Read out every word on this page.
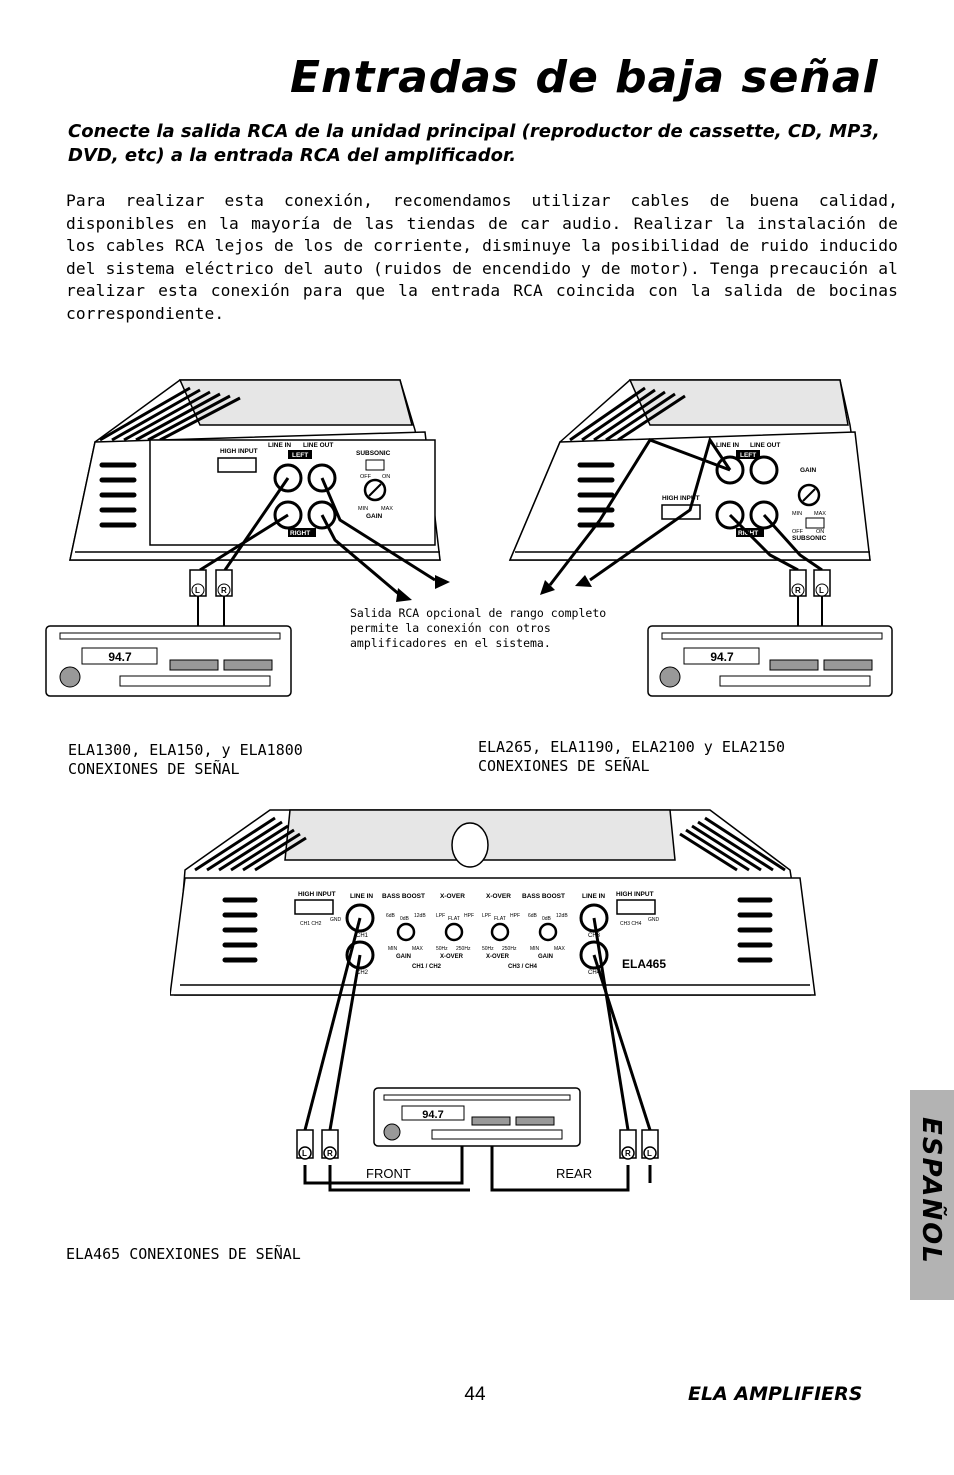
Entradas de baja señal
Conecte la salida RCA de la unidad principal (reproductor de cassette, CD, MP3, DVD, etc) a la entrada RCA del amplificador.
Para realizar esta conexión, recomendamos utilizar cables de buena calidad, disponibles en la mayoría de las tiendas de car audio. Realizar la instalación de los cables RCA lejos de los de corriente, disminuye la posibilidad de ruido inducido del sistema eléctrico del auto (ruidos de encendido y de motor). Tenga precaución al realizar esta conexión para que la entrada RCA coincida con la salida de bocinas correspondiente.
HIGH INPUT
LINE IN LINE OUT
LEFT
RIGHT
SUBSONIC
OFF ON
MIN MAX
GAIN
L	R
94.7
LINE IN LINE OUT
LEFT
RIGHT
HIGH INPUT
GAIN
MIN MAX
OFF ON
SUBSONIC
R L
94.7
Salida RCA opcional de rango completo permite la conexión con otros amplificadores en el sistema.
ELA1300, ELA150, y ELA1800
CONEXIONES DE SEÑAL
ELA265, ELA1190, ELA2100 y ELA2150
CONEXIONES DE SEÑAL
HIGH INPUT
CH1 CH2
GND
HIGH INPUT
CH3 CH4
GND
LINE IN
CH1
CH2
BASS BOOST
6dB 0dB 12dB
MIN	MAX
GAIN
X-OVER
LPF FLAT HPF
50Hz 250Hz
X-OVER
CH1 / CH2
X-OVER
LPF FLAT HPF
50Hz 250Hz
X-OVER
CH3 / CH4
BASS BOOST
6dB 0dB 12dB
MIN	MAX
GAIN
LINE IN
CH3
CH4
ELA465
L	R	R L
94.7
FRONT	REAR
ELA465 CONEXIONES DE SEÑAL	ESPAÑOL
44	ELA AMPLIFIERS
